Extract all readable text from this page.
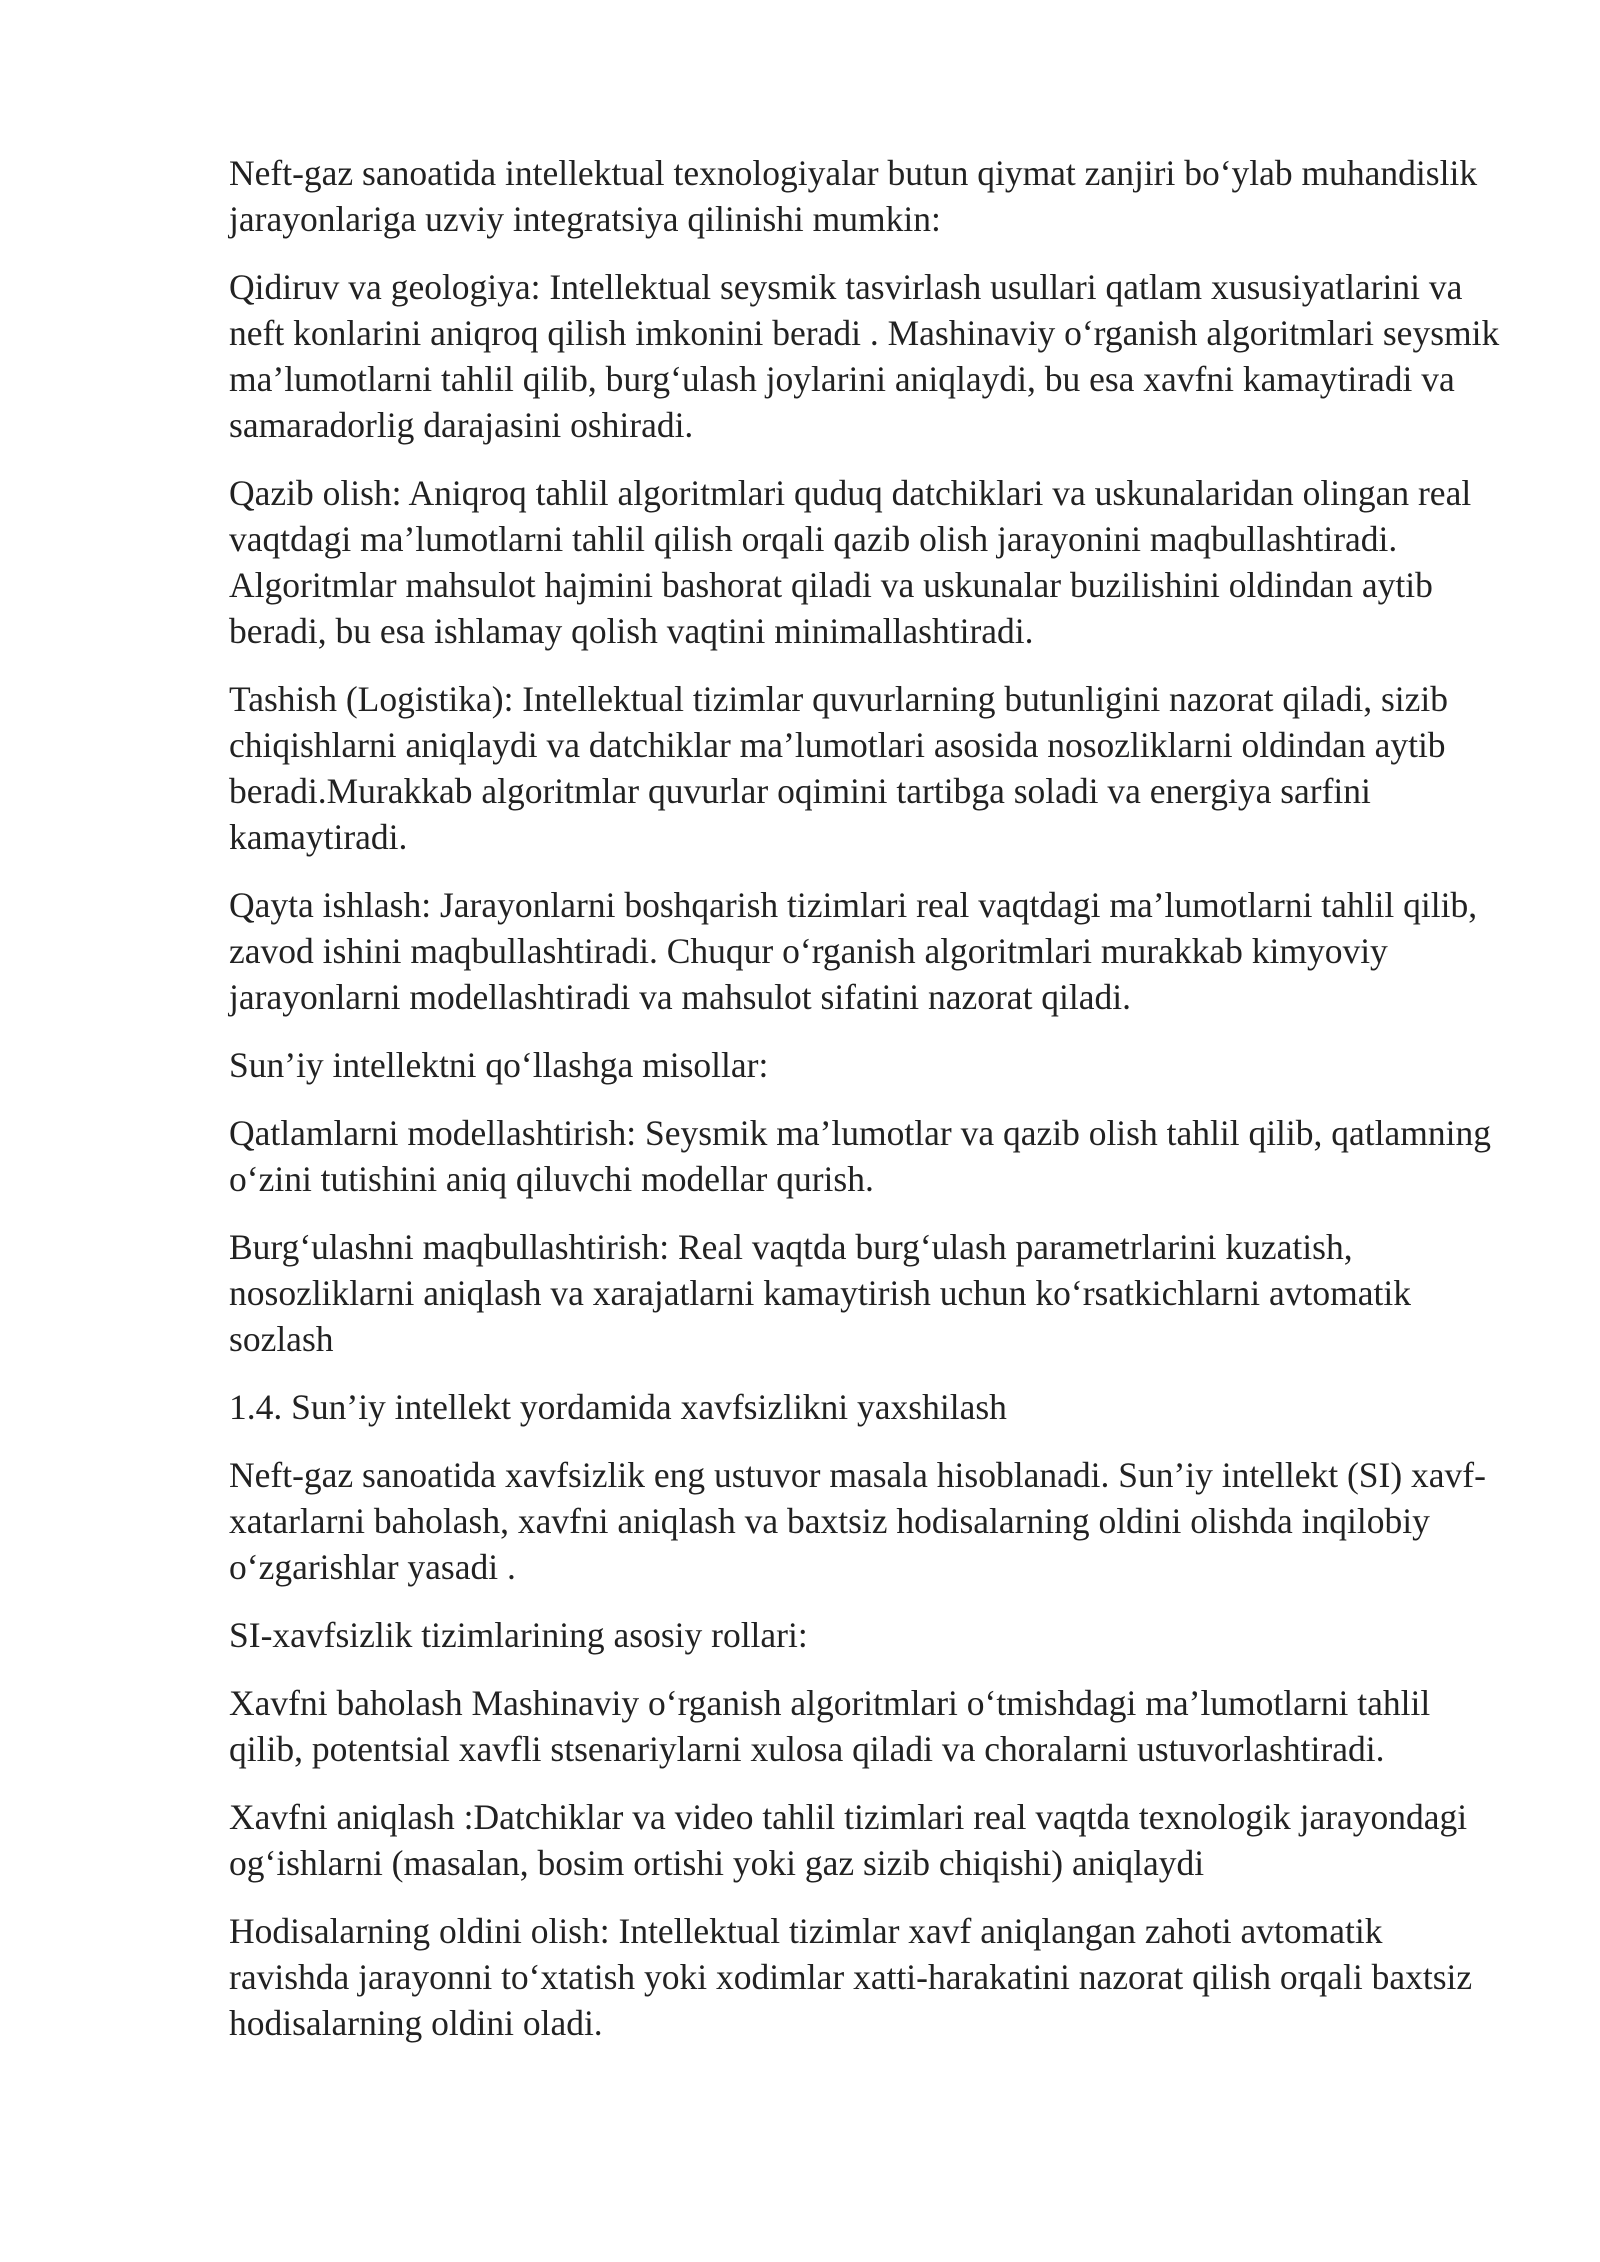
Neft-gaz sanoatida intellektual texnologiyalar butun qiymat zanjiri bo‘ylab muhandislik jarayonlariga uzviy integratsiya qilinishi mumkin:

Qidiruv va geologiya: Intellektual seysmik tasvirlash usullari qatlam xususiyatlarini va neft konlarini aniqroq qilish imkonini beradi . Mashinaviy o‘rganish algoritmlari seysmik ma’lumotlarni tahlil qilib, burg‘ulash joylarini aniqlaydi, bu esa xavfni kamaytiradi va samaradorlig darajasini oshiradi.

Qazib olish: Aniqroq tahlil algoritmlari quduq datchiklari va uskunalaridan olingan real vaqtdagi ma’lumotlarni tahlil qilish orqali qazib olish jarayonini maqbullashtiradi. Algoritmlar mahsulot hajmini bashorat qiladi va uskunalar buzilishini oldindan aytib beradi, bu esa ishlamay qolish vaqtini minimallashtiradi.

Tashish (Logistika): Intellektual tizimlar quvurlarning butunligini nazorat qiladi, sizib chiqishlarni aniqlaydi va datchiklar ma’lumotlari asosida nosozliklarni oldindan aytib beradi.Murakkab algoritmlar quvurlar oqimini tartibga soladi va energiya sarfini kamaytiradi.

Qayta ishlash: Jarayonlarni boshqarish tizimlari real vaqtdagi ma’lumotlarni tahlil qilib, zavod ishini maqbullashtiradi. Chuqur o‘rganish algoritmlari murakkab kimyoviy jarayonlarni modellashtiradi va mahsulot sifatini nazorat qiladi.

Sun’iy intellektni qo‘llashga misollar:

Qatlamlarni modellashtirish: Seysmik ma’lumotlar va qazib olish tahlil qilib, qatlamning o‘zini tutishini aniq qiluvchi modellar qurish.

Burg‘ulashni maqbullashtirish: Real vaqtda burg‘ulash parametrlarini kuzatish, nosozliklarni aniqlash va xarajatlarni kamaytirish uchun ko‘rsatkichlarni avtomatik sozlash

1.4. Sun’iy intellekt yordamida xavfsizlikni yaxshilash

Neft-gaz sanoatida xavfsizlik eng ustuvor masala hisoblanadi. Sun’iy intellekt (SI) xavf-xatarlarni baholash, xavfni aniqlash va baxtsiz hodisalarning oldini olishda inqilobiy o‘zgarishlar yasadi .

SI-xavfsizlik tizimlarining asosiy rollari:

Xavfni baholash Mashinaviy o‘rganish algoritmlari o‘tmishdagi ma’lumotlarni tahlil qilib, potentsial xavfli stsenariylarni xulosa qiladi va choralarni ustuvorlashtiradi.

Xavfni aniqlash :Datchiklar va video tahlil tizimlari real vaqtda texnologik jarayondagi og‘ishlarni (masalan, bosim ortishi yoki gaz sizib chiqishi) aniqlaydi

Hodisalarning oldini olish: Intellektual tizimlar xavf aniqlangan zahoti avtomatik ravishda jarayonni to‘xtatish yoki xodimlar xatti-harakatini nazorat qilish orqali baxtsiz hodisalarning oldini oladi.
